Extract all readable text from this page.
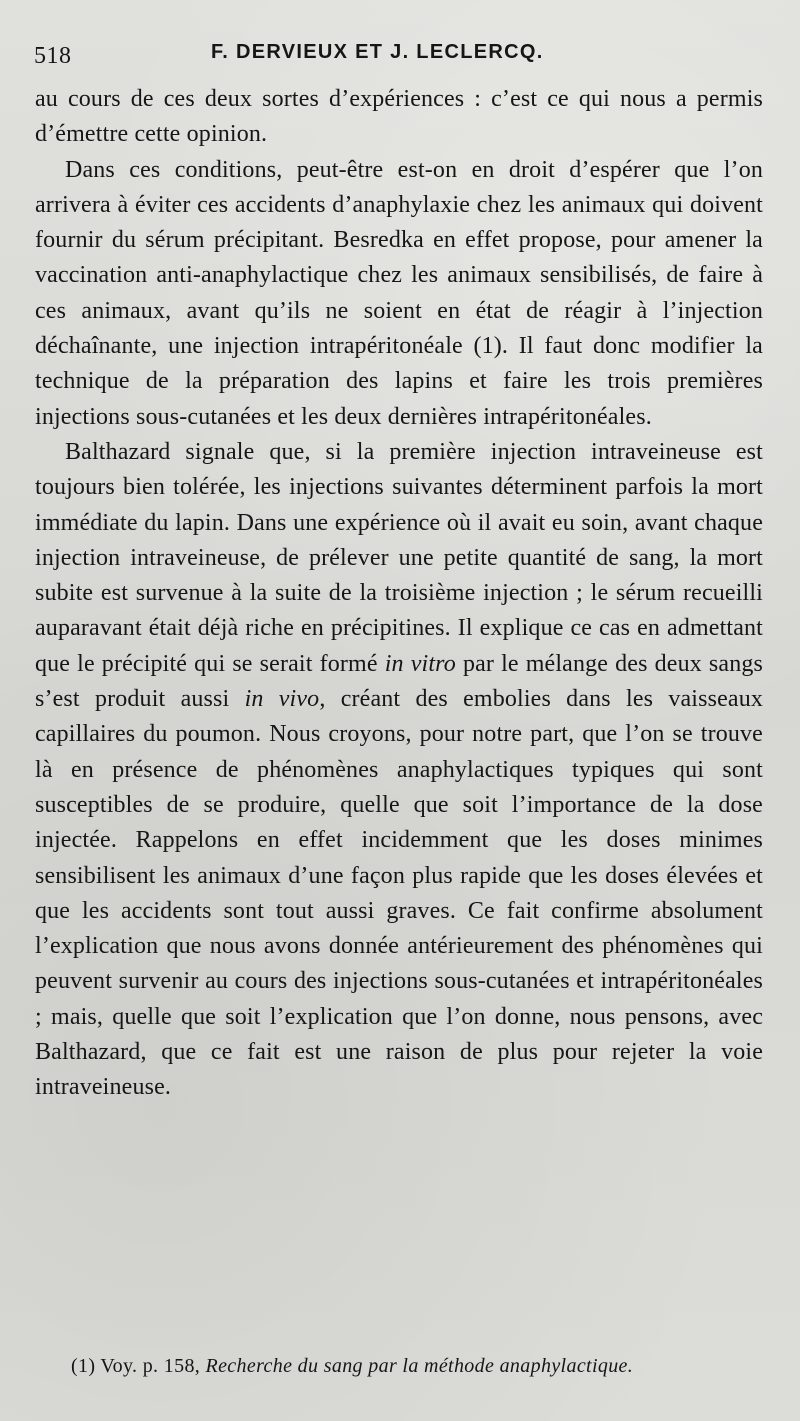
518	F. DERVIEUX ET J. LECLERCQ.

au cours de ces deux sortes d’expériences : c’est ce qui nous a permis d’émettre cette opinion.

Dans ces conditions, peut-être est-on en droit d’espérer que l’on arrivera à éviter ces accidents d’anaphylaxie chez les animaux qui doivent fournir du sérum précipitant. Besredka en effet propose, pour amener la vaccination anti-anaphylactique chez les animaux sensibilisés, de faire à ces animaux, avant qu’ils ne soient en état de réagir à l’injection déchaînante, une injection intrapéritonéale (1). Il faut donc modifier la technique de la préparation des lapins et faire les trois premières injections sous-cutanées et les deux dernières intrapéritonéales.

Balthazard signale que, si la première injection intraveineuse est toujours bien tolérée, les injections suivantes déterminent parfois la mort immédiate du lapin. Dans une expérience où il avait eu soin, avant chaque injection intraveineuse, de prélever une petite quantité de sang, la mort subite est survenue à la suite de la troisième injection ; le sérum recueilli auparavant était déjà riche en précipitines. Il explique ce cas en admettant que le précipité qui se serait formé in vitro par le mélange des deux sangs s’est produit aussi in vivo, créant des embolies dans les vaisseaux capillaires du poumon. Nous croyons, pour notre part, que l’on se trouve là en présence de phénomènes anaphylactiques typiques qui sont susceptibles de se produire, quelle que soit l’importance de la dose injectée. Rappelons en effet incidemment que les doses minimes sensibilisent les animaux d’une façon plus rapide que les doses élevées et que les accidents sont tout aussi graves. Ce fait confirme absolument l’explication que nous avons donnée antérieurement des phénomènes qui peuvent survenir au cours des injections sous-cutanées et intrapéritonéales ; mais, quelle que soit l’explication que l’on donne, nous pensons, avec Balthazard, que ce fait est une raison de plus pour rejeter la voie intraveineuse.

(1) Voy. p. 158, Recherche du sang par la méthode anaphylactique.
